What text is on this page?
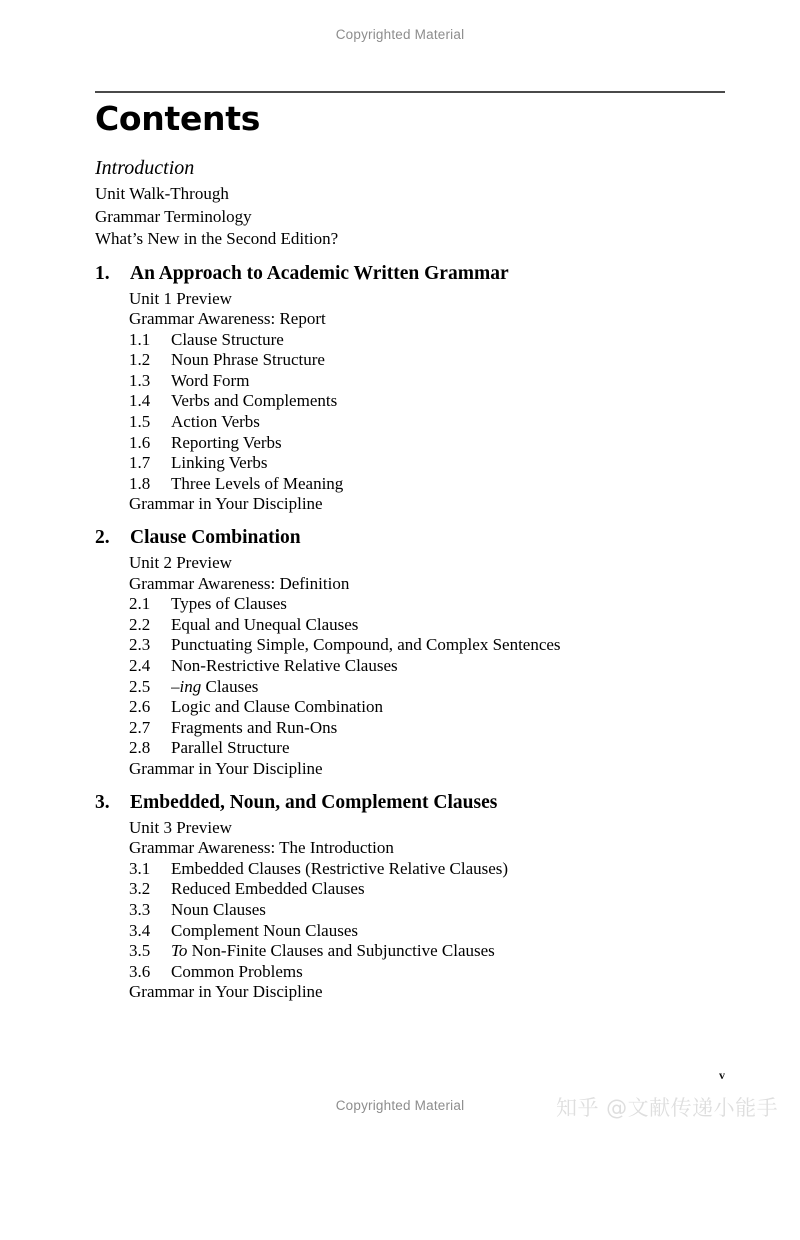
Copyrighted Material
Contents
Introduction
Unit Walk-Through
Grammar Terminology
What’s New in the Second Edition?
1.	An Approach to Academic Written Grammar
Unit 1 Preview
Grammar Awareness: Report
1.1	Clause Structure
1.2	Noun Phrase Structure
1.3	Word Form
1.4	Verbs and Complements
1.5	Action Verbs
1.6	Reporting Verbs
1.7	Linking Verbs
1.8	Three Levels of Meaning
Grammar in Your Discipline
2.	Clause Combination
Unit 2 Preview
Grammar Awareness: Definition
2.1	Types of Clauses
2.2	Equal and Unequal Clauses
2.3	Punctuating Simple, Compound, and Complex Sentences
2.4	Non-Restrictive Relative Clauses
2.5	–ing Clauses
2.6	Logic and Clause Combination
2.7	Fragments and Run-Ons
2.8	Parallel Structure
Grammar in Your Discipline
3.	Embedded, Noun, and Complement Clauses
Unit 3 Preview
Grammar Awareness: The Introduction
3.1	Embedded Clauses (Restrictive Relative Clauses)
3.2	Reduced Embedded Clauses
3.3	Noun Clauses
3.4	Complement Noun Clauses
3.5	To Non-Finite Clauses and Subjunctive Clauses
3.6	Common Problems
Grammar in Your Discipline
v
Copyrighted Material	知乎 @文献传递小能手
